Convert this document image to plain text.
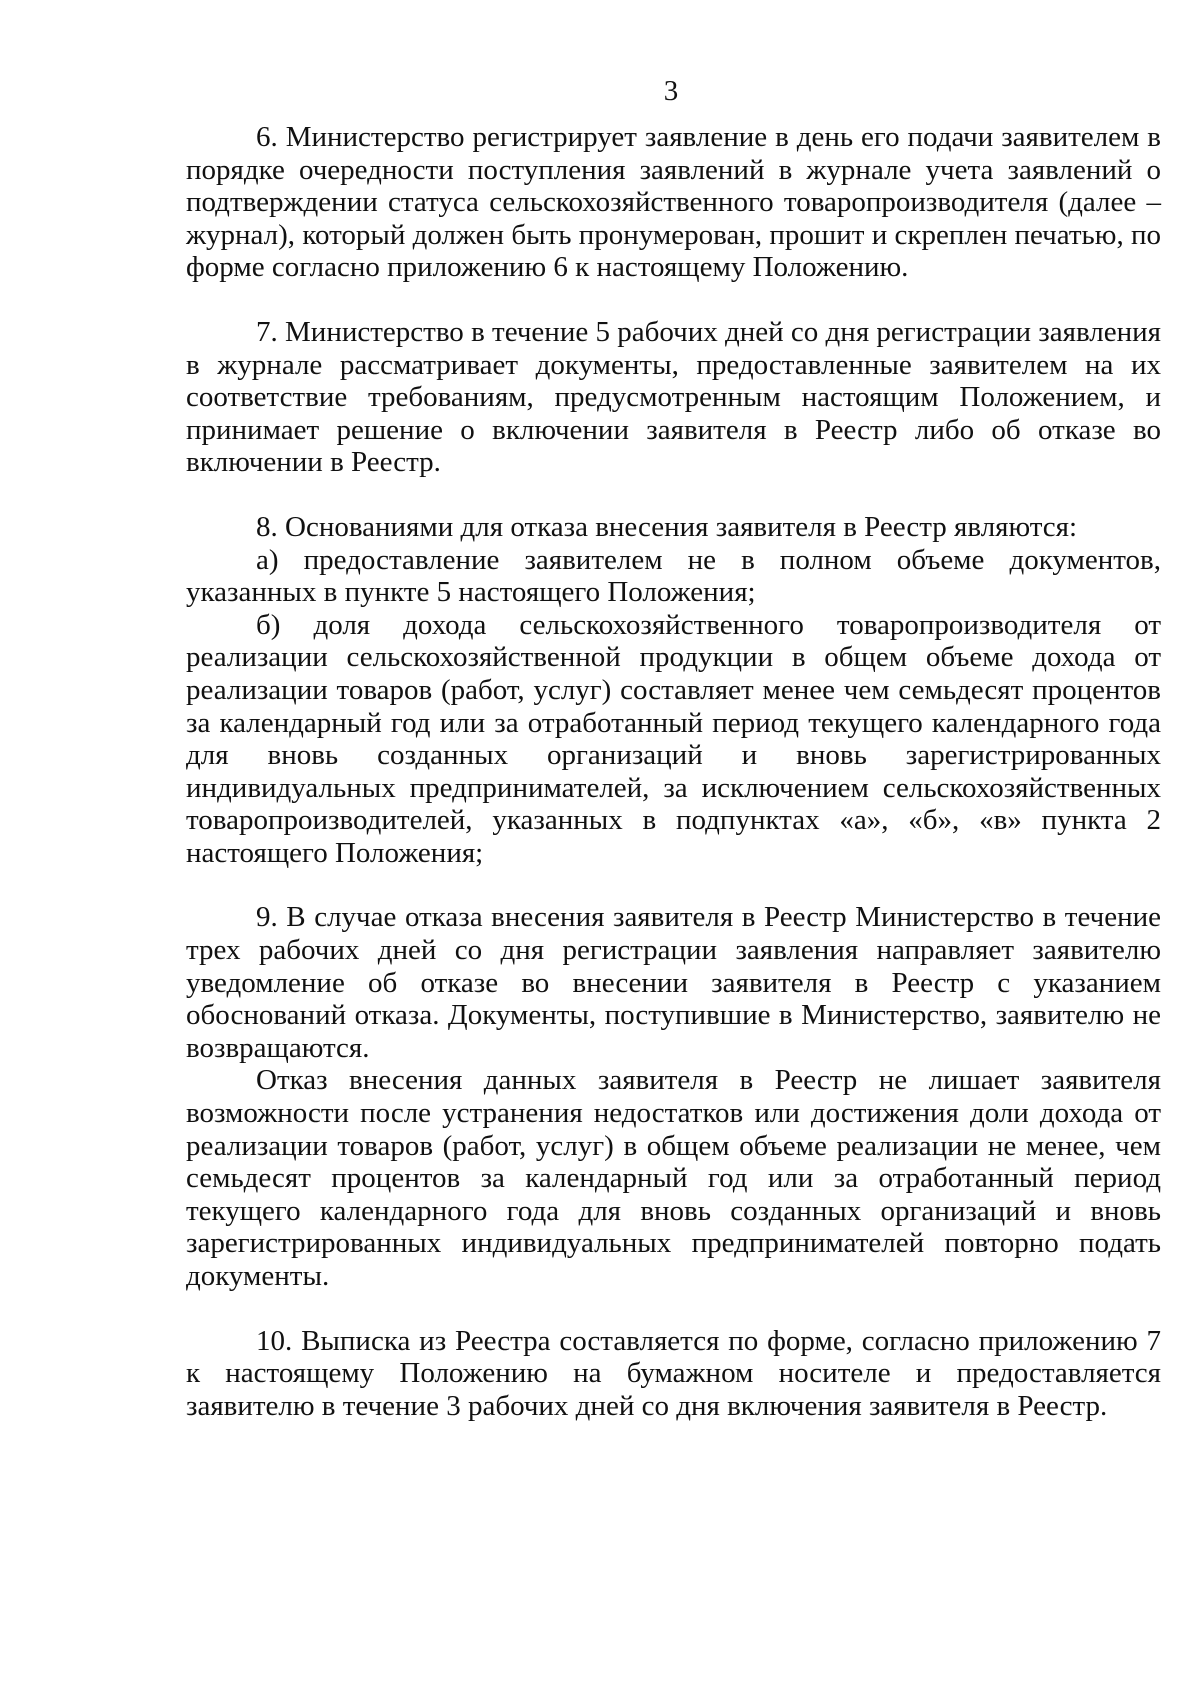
3

6. Министерство регистрирует заявление в день его подачи заявителем в порядке очередности поступления заявлений в журнале учета заявлений о подтверждении статуса сельскохозяйственного товаропроизводителя (далее – журнал), который должен быть пронумерован, прошит и скреплен печатью, по форме согласно приложению 6 к настоящему Положению.

7. Министерство в течение 5 рабочих дней со дня регистрации заявления в журнале рассматривает документы, предоставленные заявителем на их соответствие требованиям, предусмотренным настоящим Положением, и принимает решение о включении заявителя в Реестр либо об отказе во включении в Реестр.

8. Основаниями для отказа внесения заявителя в Реестр являются:

а) предоставление заявителем не в полном объеме документов, указанных в пункте 5 настоящего Положения;

б) доля дохода сельскохозяйственного товаропроизводителя от реализации сельскохозяйственной продукции в общем объеме дохода от реализации товаров (работ, услуг) составляет менее чем семьдесят процентов за календарный год или за отработанный период текущего календарного года для вновь созданных организаций и вновь зарегистрированных индивидуальных предпринимателей, за исключением сельскохозяйственных товаропроизводителей, указанных в подпунктах «а», «б», «в» пункта 2 настоящего Положения;

9. В случае отказа внесения заявителя в Реестр Министерство в течение трех рабочих дней со дня регистрации заявления направляет заявителю уведомление об отказе во внесении заявителя в Реестр с указанием обоснований отказа. Документы, поступившие в Министерство, заявителю не возвращаются.

Отказ внесения данных заявителя в Реестр не лишает заявителя возможности после устранения недостатков или достижения доли дохода от реализации товаров (работ, услуг) в общем объеме реализации не менее, чем семьдесят процентов за календарный год или за отработанный период текущего календарного года для вновь созданных организаций и вновь зарегистрированных индивидуальных предпринимателей повторно подать документы.

10. Выписка из Реестра составляется по форме, согласно приложению 7 к настоящему Положению на бумажном носителе и предоставляется заявителю в течение 3 рабочих дней со дня включения заявителя в Реестр.
